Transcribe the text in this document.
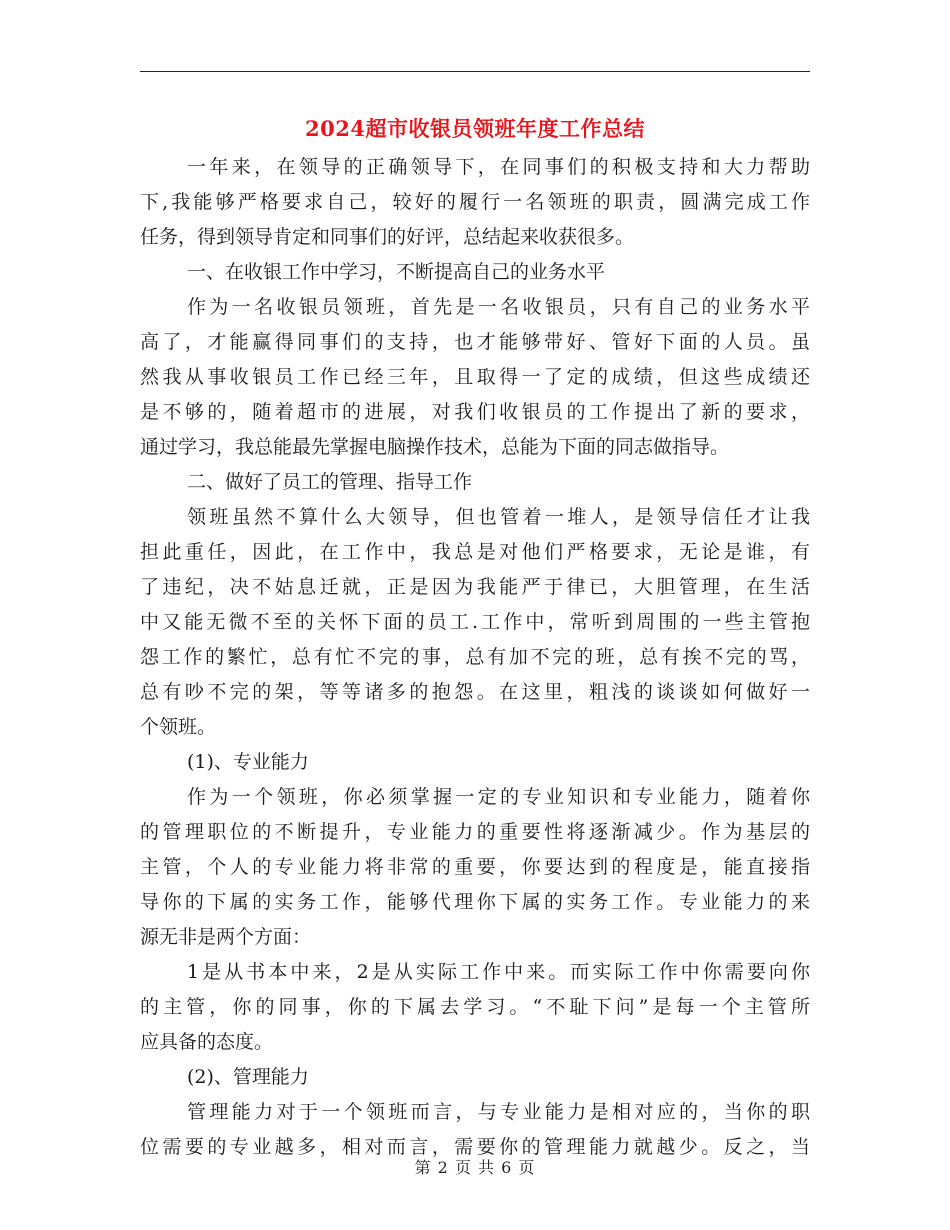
2024超市收银员领班年度工作总结
一年来，在领导的正确领导下，在同事们的积极支持和大力帮助
下,我能够严格要求自己，较好的履行一名领班的职责，圆满完成工作
任务，得到领导肯定和同事们的好评，总结起来收获很多。
一、在收银工作中学习，不断提高自己的业务水平
作为一名收银员领班，首先是一名收银员，只有自己的业务水平
高了，才能赢得同事们的支持，也才能够带好、管好下面的人员。虽
然我从事收银员工作已经三年，且取得一了定的成绩，但这些成绩还
是不够的，随着超市的进展，对我们收银员的工作提出了新的要求，
通过学习，我总能最先掌握电脑操作技术，总能为下面的同志做指导。
二、做好了员工的管理、指导工作
领班虽然不算什么大领导，但也管着一堆人，是领导信任才让我
担此重任，因此，在工作中，我总是对他们严格要求，无论是谁，有
了违纪，决不姑息迁就，正是因为我能严于律已，大胆管理，在生活
中又能无微不至的关怀下面的员工.工作中，常听到周围的一些主管抱
怨工作的繁忙，总有忙不完的事，总有加不完的班，总有挨不完的骂，
总有吵不完的架，等等诸多的抱怨。在这里，粗浅的谈谈如何做好一
个领班。
(1)、专业能力
作为一个领班，你必须掌握一定的专业知识和专业能力，随着你
的管理职位的不断提升，专业能力的重要性将逐渐减少。作为基层的
主管，个人的专业能力将非常的重要，你要达到的程度是，能直接指
导你的下属的实务工作，能够代理你下属的实务工作。专业能力的来
源无非是两个方面：
1是从书本中来，2是从实际工作中来。而实际工作中你需要向你
的主管，你的同事，你的下属去学习。“不耻下问”是每一个主管所
应具备的态度。
(2)、管理能力
管理能力对于一个领班而言，与专业能力是相对应的，当你的职
位需要的专业越多，相对而言，需要你的管理能力就越少。反之，当
第 2 页 共 6 页
